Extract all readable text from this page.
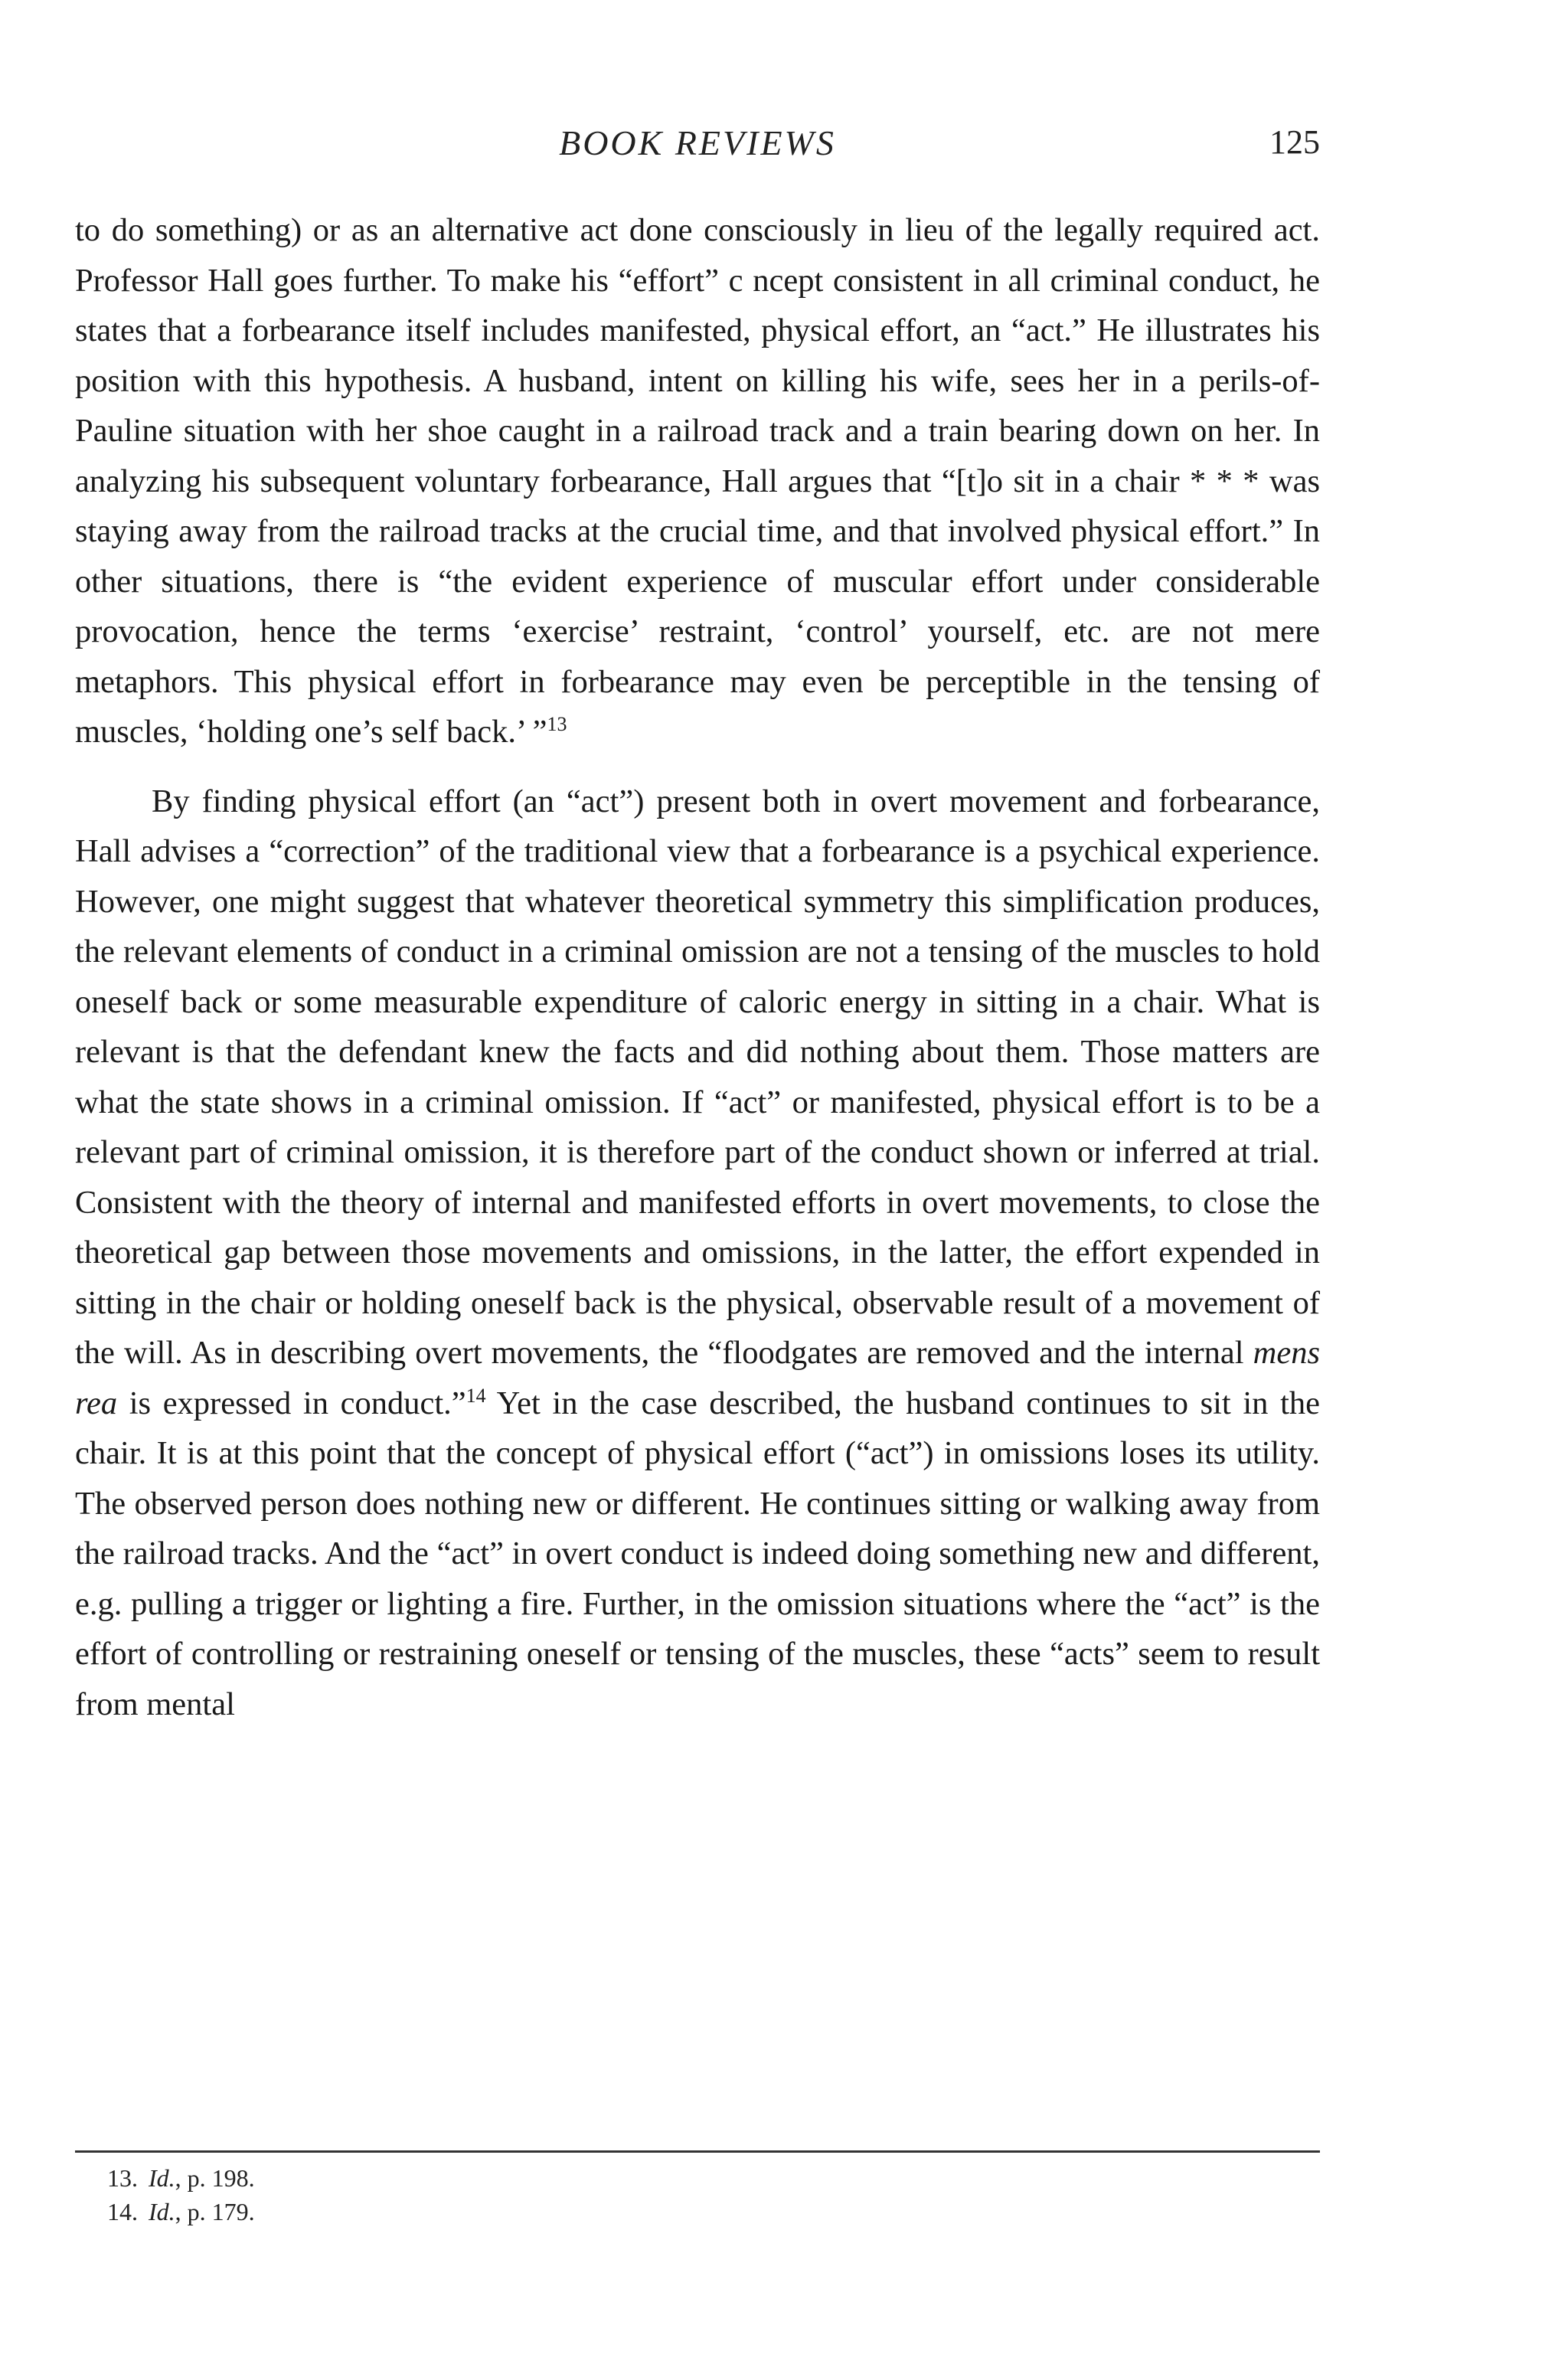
BOOK REVIEWS	125

to do something) or as an alternative act done consciously in lieu of the legally required act. Professor Hall goes further. To make his “effort” c ncept consistent in all criminal conduct, he states that a forbearance itself includes manifested, physical effort, an “act.” He illustrates his position with this hypothesis. A husband, intent on killing his wife, sees her in a perils-of-Pauline situation with her shoe caught in a railroad track and a train bearing down on her. In analyzing his subsequent voluntary forbearance, Hall argues that “[t]o sit in a chair * * * was staying away from the railroad tracks at the crucial time, and that involved physical effort.” In other situations, there is “the evident experience of muscular effort under considerable provocation, hence the terms ‘exercise’ restraint, ‘control’ yourself, etc. are not mere metaphors. This physical effort in forbearance may even be perceptible in the tensing of muscles, ‘holding one’s self back.’ ”$^{13}$

By finding physical effort (an “act”) present both in overt movement and forbearance, Hall advises a “correction” of the traditional view that a forbearance is a psychical experience. However, one might suggest that whatever theoretical symmetry this simplification produces, the relevant elements of conduct in a criminal omission are not a tensing of the muscles to hold oneself back or some measurable expenditure of caloric energy in sitting in a chair. What is relevant is that the defendant knew the facts and did nothing about them. Those matters are what the state shows in a criminal omission. If “act” or manifested, physical effort is to be a relevant part of criminal omission, it is therefore part of the conduct shown or inferred at trial. Consistent with the theory of internal and manifested efforts in overt movements, to close the theoretical gap between those movements and omissions, in the latter, the effort expended in sitting in the chair or holding oneself back is the physical, observable result of a movement of the will. As in describing overt movements, the “floodgates are removed and the internal mens rea is expressed in conduct.”$^{14}$ Yet in the case described, the husband continues to sit in the chair. It is at this point that the concept of physical effort (“act”) in omissions loses its utility. The observed person does nothing new or different. He continues sitting or walking away from the railroad tracks. And the “act” in overt conduct is indeed doing something new and different, e.g. pulling a trigger or lighting a fire. Further, in the omission situations where the “act” is the effort of controlling or restraining oneself or tensing of the muscles, these “acts” seem to result from mental

13. Id., p. 198.
14. Id., p. 179.
